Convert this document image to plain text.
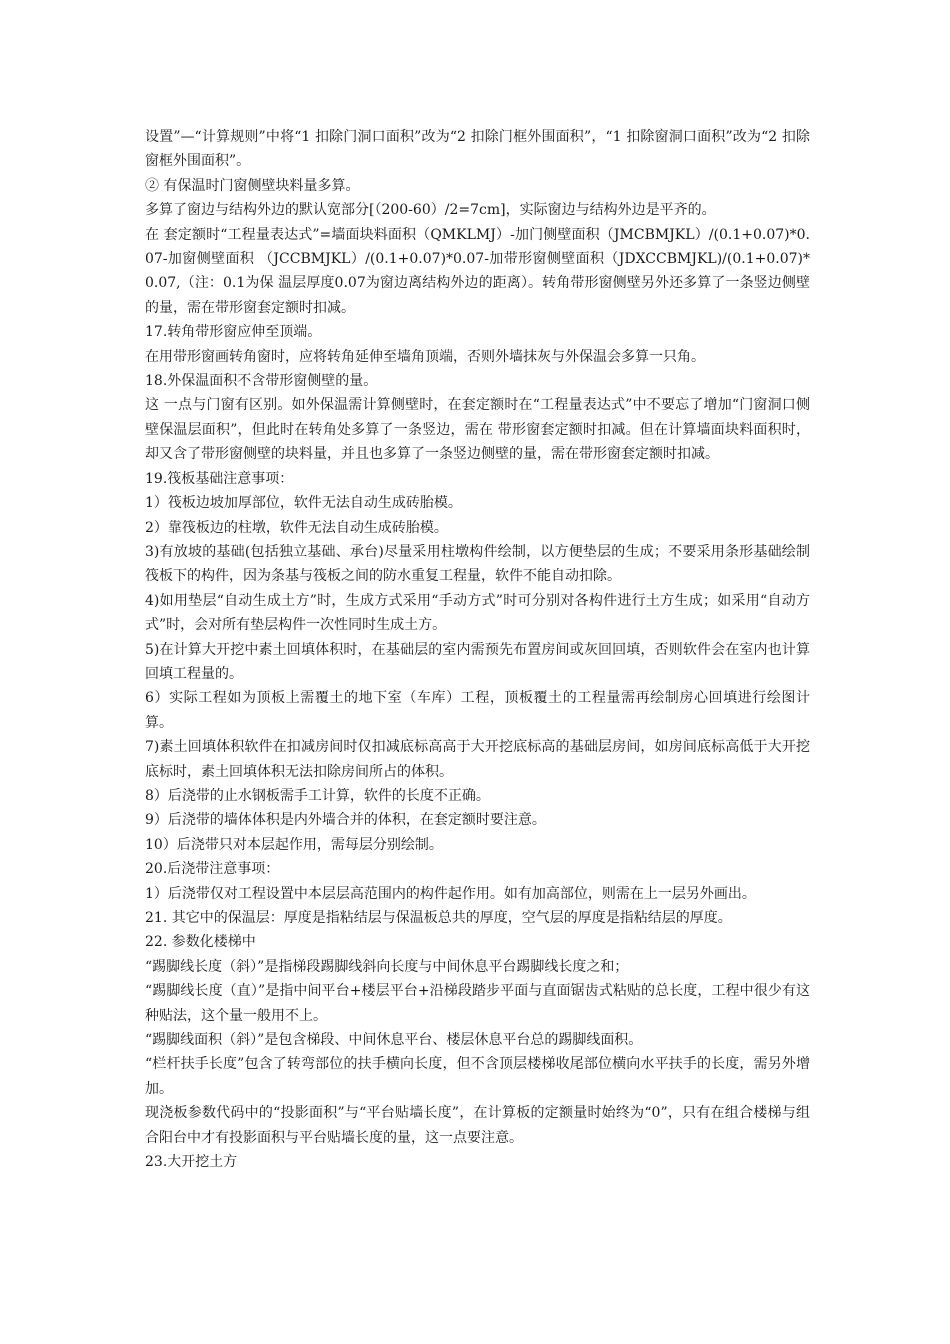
设置”—“计算规则”中将“1 扣除门洞口面积”改为“2 扣除门框外围面积”，“1 扣除窗洞口面积”改为“2 扣除窗框外围面积”。

② 有保温时门窗侧壁块料量多算。

多算了窗边与结构外边的默认宽部分[（200-60）/2=7cm]，实际窗边与结构外边是平齐的。

在 套定额时“工程量表达式”=墙面块料面积（QMKLMJ）-加门侧壁面积（JMCBMJKL）/(0.1+0.07)*0.07-加窗侧壁面积 （JCCBMJKL）/(0.1+0.07)*0.07-加带形窗侧壁面积（JDXCCBMJKL)/(0.1+0.07)*0.07,（注：0.1为保 温层厚度0.07为窗边离结构外边的距离）。转角带形窗侧壁另外还多算了一条竖边侧壁的量，需在带形窗套定额时扣减。

17.转角带形窗应伸至顶端。

在用带形窗画转角窗时，应将转角延伸至墙角顶端，否则外墙抹灰与外保温会多算一只角。

18.外保温面积不含带形窗侧壁的量。

这 一点与门窗有区别。如外保温需计算侧壁时，在套定额时在“工程量表达式”中不要忘了增加“门窗洞口侧壁保温层面积”，但此时在转角处多算了一条竖边，需在 带形窗套定额时扣减。但在计算墙面块料面积时，却又含了带形窗侧壁的块料量，并且也多算了一条竖边侧壁的量，需在带形窗套定额时扣减。

19.筏板基础注意事项：

1）筏板边坡加厚部位，软件无法自动生成砖胎模。

2）靠筏板边的柱墩，软件无法自动生成砖胎模。

3)有放坡的基础(包括独立基础、承台)尽量采用柱墩构件绘制，以方便垫层的生成；不要采用条形基础绘制筏板下的构件，因为条基与筏板之间的防水重复工程量，软件不能自动扣除。

4)如用垫层“自动生成土方”时，生成方式采用“手动方式”时可分别对各构件进行土方生成；如采用“自动方式”时，会对所有垫层构件一次性同时生成土方。

5)在计算大开挖中素土回填体积时，在基础层的室内需预先布置房间或灰回回填，否则软件会在室内也计算回填工程量的。

6）实际工程如为顶板上需覆土的地下室（车库）工程，顶板覆土的工程量需再绘制房心回填进行绘图计算。

7)素土回填体积软件在扣减房间时仅扣减底标高高于大开挖底标高的基础层房间，如房间底标高低于大开挖底标时，素土回填体积无法扣除房间所占的体积。

8）后浇带的止水钢板需手工计算，软件的长度不正确。

9）后浇带的墙体体积是内外墙合并的体积，在套定额时要注意。

10）后浇带只对本层起作用，需每层分别绘制。

20.后浇带注意事项：

1）后浇带仅对工程设置中本层层高范围内的构件起作用。如有加高部位，则需在上一层另外画出。

21. 其它中的保温层：厚度是指粘结层与保温板总共的厚度，空气层的厚度是指粘结层的厚度。

22. 参数化楼梯中

“踢脚线长度（斜）”是指梯段踢脚线斜向长度与中间休息平台踢脚线长度之和；

“踢脚线长度（直）”是指中间平台+楼层平台+沿梯段踏步平面与直面锯齿式粘贴的总长度，工程中很少有这种贴法，这个量一般用不上。

“踢脚线面积（斜）”是包含梯段、中间休息平台、楼层休息平台总的踢脚线面积。

“栏杆扶手长度”包含了转弯部位的扶手横向长度，但不含顶层楼梯收尾部位横向水平扶手的长度，需另外增加。

现浇板参数代码中的“投影面积”与“平台贴墙长度”，在计算板的定额量时始终为“0”，只有在组合楼梯与组合阳台中才有投影面积与平台贴墙长度的量，这一点要注意。

23.大开挖土方
